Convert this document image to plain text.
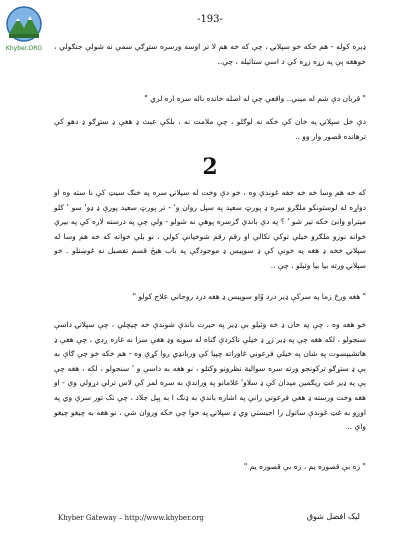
Khyber.ORG
-193-

ډېره کوله - هم خکه خو سپلانۍ ، چې که خه هم لا تر اوسه ورسره ستړګې سمې نه شولې جنګولي ، خوهغه ېې په زړه زړه کې د اسې ستائیله ، چې..

" قربان دې شم له ميني.. واقعي چې له اصله خانده ناله سره اره لري "

دې خل سپلانۍ په خان کې خکه نه لوګلو ، چې ملامت نه ، بلکې عبث ډ هغې ډ ستړګو ډ دهو کې ترهانده قصور وار وو ..

2

که خه هم وسا خه خه خفه غوندې وه ، خو دې وخت له سپلانۍ سره په خنګ سيټ کې نا سته وه او دواړه له لوستونکو ملګرو سره ډ پورټ سعيد په سپل روان و' - تر پورټ سعيد پورې ډ ډو' سو ' کلو ميتراو وانئ خکه تير شو ' ؟ په دې باندې ګرسره پوهې نه شولو - ولې چې په درسته لاره کې په بيرې خوانه نورو ملګرو خيلي توکي تکالي او رقم رقم شوخيانې کولي ، نو بلي خوانه که خه هم وسا له سپلانۍ خخه ډ هغه په خونې کې ډ سوپيس ډ موجودګې په باب هيڅ قسم تفصيل نه غوښتلو . خو سپلانۍ ورته بيا بيا وئيلو ، چې ..

" هغه ورخ زما په سرکې ډير درد وُاو سوپيس ډ هغه درد روحاني علاج کولو "

خو هغه وه ، چې په خان ډ خه وئيلو بې ډير په حيرت باندې شوندې خه چيچلي ، چې سپلانۍ داسې سنجولو ، لکه هغه چې په ډير زړ ډ خيلې ناکردې ګناه له سوبه وډ هغې سزا نه غاره ږدي ، چې هغې ډ هاتشيپسوت په شان په خيلې فرعوني غاوراته چپيا کې وربانډي روا کړې وه - هم خکه خو چې ګاې به ېې ډ ستړګو ترکونجو ورته سره سوالية نظرونو وکتلو ، نو هغه به داسې و ' سنجولو ، لکه ، هغه چې پې په ډير غټ ريګمين ميدان کې ډ سلاو' غلامانو په وراندې به سره لمر کې لاس ترلي دړولي وې - او هغه وخت ورسته ډ هغې فرعوني رانې په اشاره باندې به ډنګ ا به پېل جلاد ، چې تک تور سرې وي په اوږو به غټ غوندې ساتول را اخيستي وي ډ سپلانۍ په خوا چې خکه وروان شي ، نو هغه به چيغو چيغو واې ..

" زه بې قصوره يم ، زه بې قصوره يم "

Khyber Gateway – http://www.khyber.org	ليک افضل شوق
